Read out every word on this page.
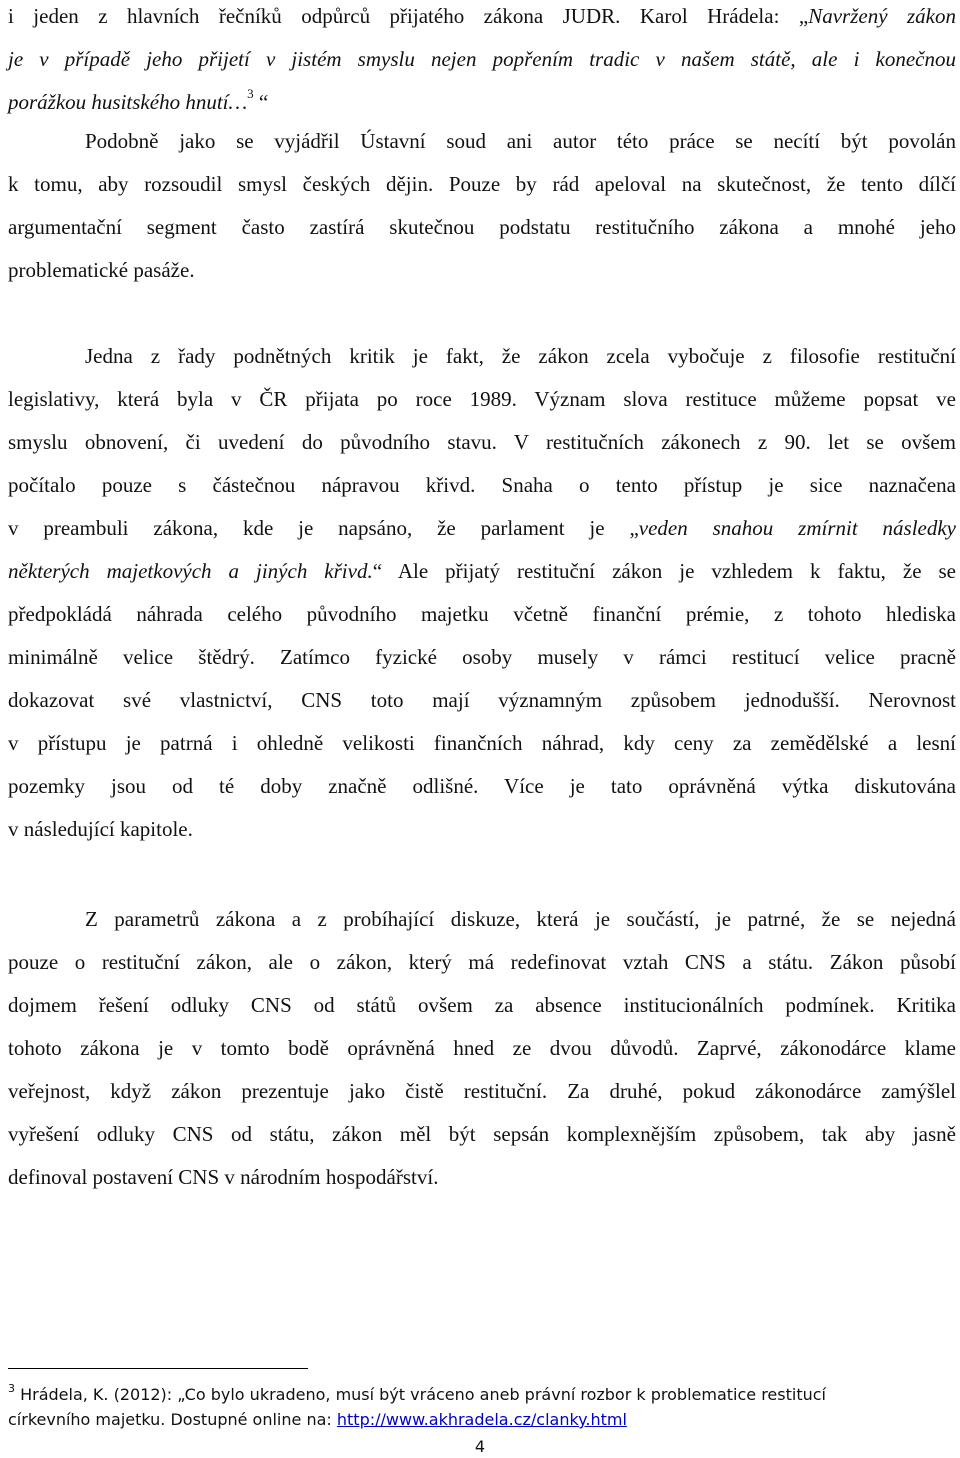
i jeden z hlavních řečníků odpůrců přijatého zákona JUDR. Karol Hrádela: „Navržený zákon
je v případě jeho přijetí v jistém smyslu nejen popřením tradic v našem státě, ale i konečnou
porážkou husitského hnutí…$^3$ “
Podobně jako se vyjádřil Ústavní soud ani autor této práce se necítí být povolán
k tomu, aby rozsoudil smysl českých dějin. Pouze by rád apeloval na skutečnost, že tento dílčí
argumentační segment často zastírá skutečnou podstatu restitučního zákona a mnohé jeho
problematické pasáže.
Jedna z řady podnětných kritik je fakt, že zákon zcela vybočuje z filosofie restituční
legislativy, která byla v ČR přijata po roce 1989. Význam slova restituce můžeme popsat ve
smyslu obnovení, či uvedení do původního stavu. V restitučních zákonech z 90. let se ovšem
počítalo pouze s částečnou nápravou křivd. Snaha o tento přístup je sice naznačena
v preambuli zákona, kde je napsáno, že parlament je „veden snahou zmírnit následky
některých majetkových a jiných křivd.“ Ale přijatý restituční zákon je vzhledem k faktu, že se
předpokládá náhrada celého původního majetku včetně finanční prémie, z tohoto hlediska
minimálně velice štědrý. Zatímco fyzické osoby musely v rámci restitucí velice pracně
dokazovat své vlastnictví, CNS toto mají významným způsobem jednodušší. Nerovnost
v přístupu je patrná i ohledně velikosti finančních náhrad, kdy ceny za zemědělské a lesní
pozemky jsou od té doby značně odlišné. Více je tato oprávněná výtka diskutována
v následující kapitole.
Z parametrů zákona a z probíhající diskuze, která je součástí, je patrné, že se nejedná
pouze o restituční zákon, ale o zákon, který má redefinovat vztah CNS a státu. Zákon působí
dojmem řešení odluky CNS od států ovšem za absence institucionálních podmínek. Kritika
tohoto zákona je v tomto bodě oprávněná hned ze dvou důvodů. Zaprvé, zákonodárce klame
veřejnost, když zákon prezentuje jako čistě restituční. Za druhé, pokud zákonodárce zamýšlel
vyřešení odluky CNS od státu, zákon měl být sepsán komplexnějším způsobem, tak aby jasně
definoval postavení CNS v národním hospodářství.
$^3$ Hrádela, K. (2012): „Co bylo ukradeno, musí být vráceno aneb právní rozbor k problematice restitucí
církevního majetku. Dostupné online na: http://www.akhradela.cz/clanky.html
4
